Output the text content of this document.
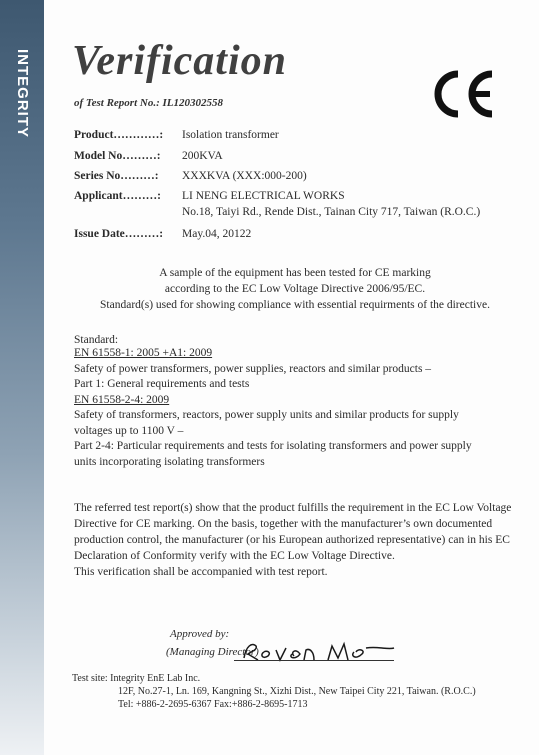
INTEGRITY Verification
of Test Report No.: IL120302558
Product…………: Isolation transformer
Model No………: 200KVA
Series No………: XXXKVA (XXX:000-200)
Applicant………: LI NENG ELECTRICAL WORKS
No.18, Taiyi Rd., Rende Dist., Tainan City 717, Taiwan (R.O.C.)
Issue Date………: May.04, 20122
A sample of the equipment has been tested for CE marking
according to the EC Low Voltage Directive 2006/95/EC.
Standard(s) used for showing compliance with essential requirments of the directive.
Standard:
EN 61558-1: 2005 +A1: 2009
Safety of power transformers, power supplies, reactors and similar products –
Part 1: General requirements and tests
EN 61558-2-4: 2009
Safety of transformers, reactors, power supply units and similar products for supply
voltages up to 1100 V –
Part 2-4: Particular requirements and tests for isolating transformers and power supply
units incorporating isolating transformers
The referred test report(s) show that the product fulfills the requirement in the EC Low Voltage
Directive for CE marking. On the basis, together with the manufacturer’s own documented
production control, the manufacturer (or his European authorized representative) can in his EC
Declaration of Conformity verify with the EC Low Voltage Directive.
This verification shall be accompanied with test report.
Approved by:
(Managing Director)
Test site: Integrity EnE Lab Inc.
12F, No.27-1, Ln. 169, Kangning St., Xizhi Dist., New Taipei City 221, Taiwan. (R.O.C.)
Tel: +886-2-2695-6367 Fax:+886-2-8695-1713
